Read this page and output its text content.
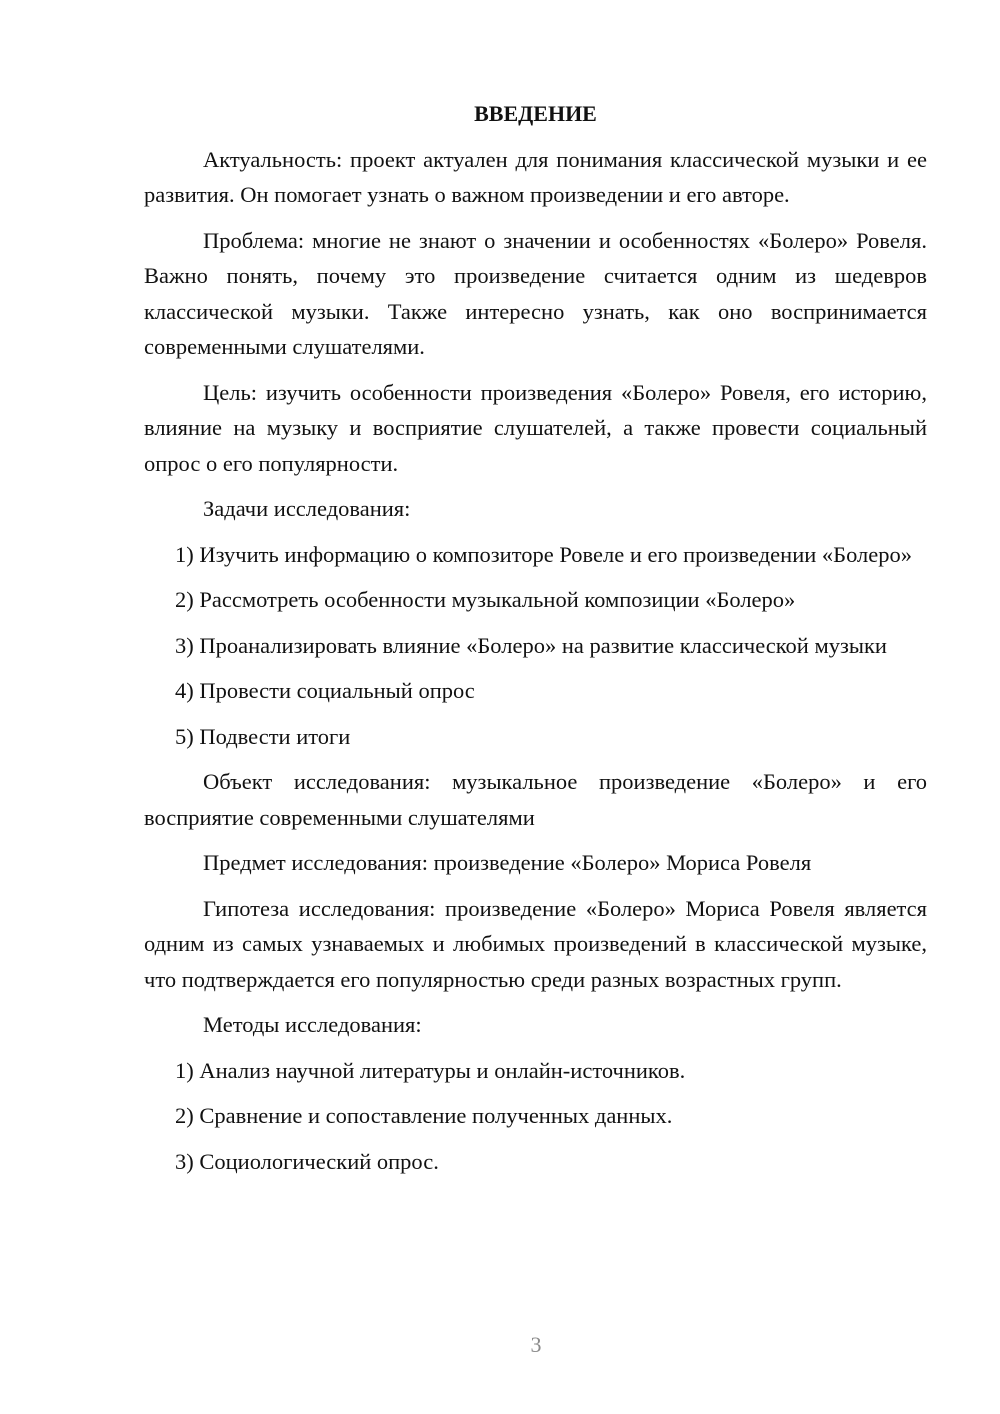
ВВЕДЕНИЕ

Актуальность: проект актуален для понимания классической музыки и ее развития. Он помогает узнать о важном произведении и его авторе.

Проблема: многие не знают о значении и особенностях «Болеро» Ровеля. Важно понять, почему это произведение считается одним из шедевров классической музыки. Также интересно узнать, как оно воспринимается современными слушателями.

Цель: изучить особенности произведения «Болеро» Ровеля, его историю, влияние на музыку и восприятие слушателей, а также провести социальный опрос о его популярности.

Задачи исследования:

1) Изучить информацию о композиторе Ровеле и его произведении «Болеро»

2) Рассмотреть особенности музыкальной композиции «Болеро»

3) Проанализировать влияние «Болеро» на развитие классической музыки

4) Провести социальный опрос

5) Подвести итоги

Объект исследования: музыкальное произведение «Болеро» и его восприятие современными слушателями

Предмет исследования: произведение «Болеро» Мориса Ровеля

Гипотеза исследования: произведение «Болеро» Мориса Ровеля является одним из самых узнаваемых и любимых произведений в классической музыке, что подтверждается его популярностью среди разных возрастных групп.

Методы исследования:

1) Анализ научной литературы и онлайн-источников.

2) Сравнение и сопоставление полученных данных.

3) Социологический опрос.

3
